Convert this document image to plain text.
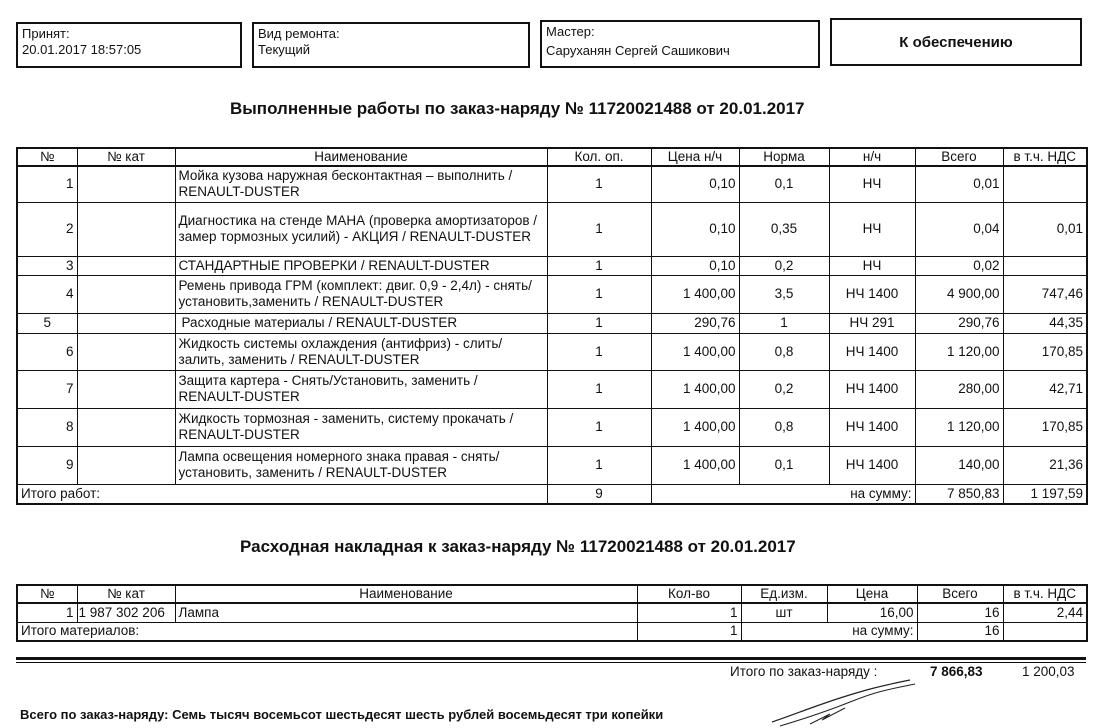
Принят:
20.01.2017 18:57:05
Вид ремонта:
Текущий
Мастер:
Саруханян Сергей Сашикович	К обеспечению
Выполненные работы по заказ-наряду № 11720021488 от 20.01.2017
№	№ кат	Наименование	Кол. оп.	Цена н/ч	Норма	н/ч	Всего	в т.ч. НДС
1		Мойка кузова наружная бесконтактная – выполнить / RENAULT-DUSTER	1	0,10	0,1	НЧ	0,01	
2		Диагностика на стенде МАНА (проверка амортизаторов / замер тормозных усилий) - АКЦИЯ / RENAULT-DUSTER	1	0,10	0,35	НЧ	0,04	0,01
3		СТАНДАРТНЫЕ ПРОВЕРКИ / RENAULT-DUSTER	1	0,10	0,2	НЧ	0,02	
4		Ремень привода ГРМ (комплект: двиг. 0,9 - 2,4л) - снять/установить,заменить / RENAULT-DUSTER	1	1 400,00	3,5	НЧ 1400	4 900,00	747,46
5		Расходные материалы / RENAULT-DUSTER	1	290,76	1	НЧ 291	290,76	44,35
6		Жидкость системы охлаждения (антифриз) - слить/залить, заменить / RENAULT-DUSTER	1	1 400,00	0,8	НЧ 1400	1 120,00	170,85
7		Защита картера - Снять/Установить, заменить / RENAULT-DUSTER	1	1 400,00	0,2	НЧ 1400	280,00	42,71
8		Жидкость тормозная - заменить, систему прокачать / RENAULT-DUSTER	1	1 400,00	0,8	НЧ 1400	1 120,00	170,85
9		Лампа освещения номерного знака правая - снять/установить, заменить / RENAULT-DUSTER	1	1 400,00	0,1	НЧ 1400	140,00	21,36
Итого работ:			9	на сумму:			7 850,83	1 197,59
Расходная накладная к заказ-наряду № 11720021488 от 20.01.2017
№	№ кат	Наименование	Кол-во	Ед.изм.	Цена	Всего	в т.ч. НДС
1	1 987 302 206	Лампа	1	шт	16,00	16	2,44
Итого материалов:			1	на сумму:		16	
Итого по заказ-наряду :	7 866,83	1 200,03
Всего по заказ-наряду: Семь тысяч восемьсот шестьдесят шесть рублей восемьдесят три копейки
